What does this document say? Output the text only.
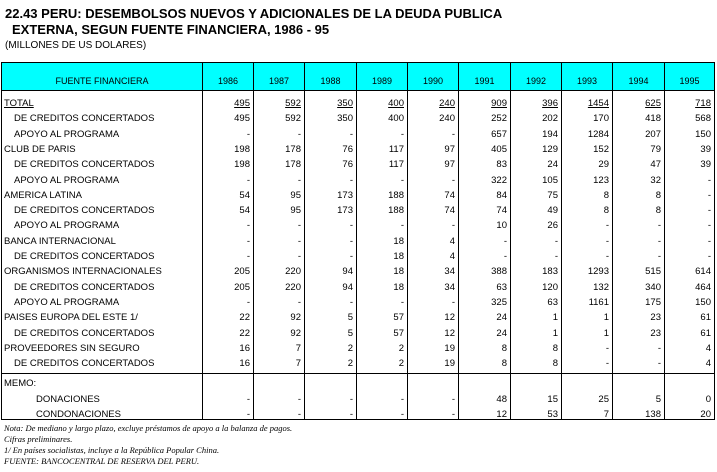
22.43 PERU: DESEMBOLSOS NUEVOS Y ADICIONALES DE LA DEUDA PUBLICA
EXTERNA, SEGUN FUENTE FINANCIERA, 1986 - 95
(MILLONES DE US DOLARES)
FUENTE FINANCIERA	1986	1987	1988	1989	1990	1991	1992	1993	1994	1995
TOTAL	495	592	350	400	240	909	396	1454	625	718
DE CREDITOS CONCERTADOS	495	592	350	400	240	252	202	170	418	568
APOYO AL PROGRAMA	-	-	-	-	-	657	194	1284	207	150
CLUB DE PARIS	198	178	76	117	97	405	129	152	79	39
DE CREDITOS CONCERTADOS	198	178	76	117	97	83	24	29	47	39
APOYO AL PROGRAMA	-	-	-	-	-	322	105	123	32	-
AMERICA LATINA	54	95	173	188	74	84	75	8	8	-
DE CREDITOS CONCERTADOS	54	95	173	188	74	74	49	8	8	-
APOYO AL PROGRAMA	-	-	-	-	-	10	26	-	-	-
BANCA INTERNACIONAL	-	-	-	18	4	-	-	-	-	-
DE CREDITOS CONCERTADOS	-	-	-	18	4	-	-	-	-	-
ORGANISMOS INTERNACIONALES	205	220	94	18	34	388	183	1293	515	614
DE CREDITOS CONCERTADOS	205	220	94	18	34	63	120	132	340	464
APOYO AL PROGRAMA	-	-	-	-	-	325	63	1161	175	150
PAISES EUROPA DEL ESTE 1/	22	92	5	57	12	24	1	1	23	61
DE CREDITOS CONCERTADOS	22	92	5	57	12	24	1	1	23	61
PROVEEDORES SIN SEGURO	16	7	2	2	19	8	8	-	-	4
DE CREDITOS CONCERTADOS	16	7	2	2	19	8	8	-	-	4
MEMO:
DONACIONES	-	-	-	-	-	48	15	25	5	0
CONDONACIONES	-	-	-	-	-	12	53	7	138	20
Nota: De mediano y largo plazo, excluye préstamos de apoyo a la balanza de pagos.
Cifras preliminares.
1/ En países socialistas, incluye a la República Popular China.
FUENTE: BANCOCENTRAL DE RESERVA DEL PERU.
